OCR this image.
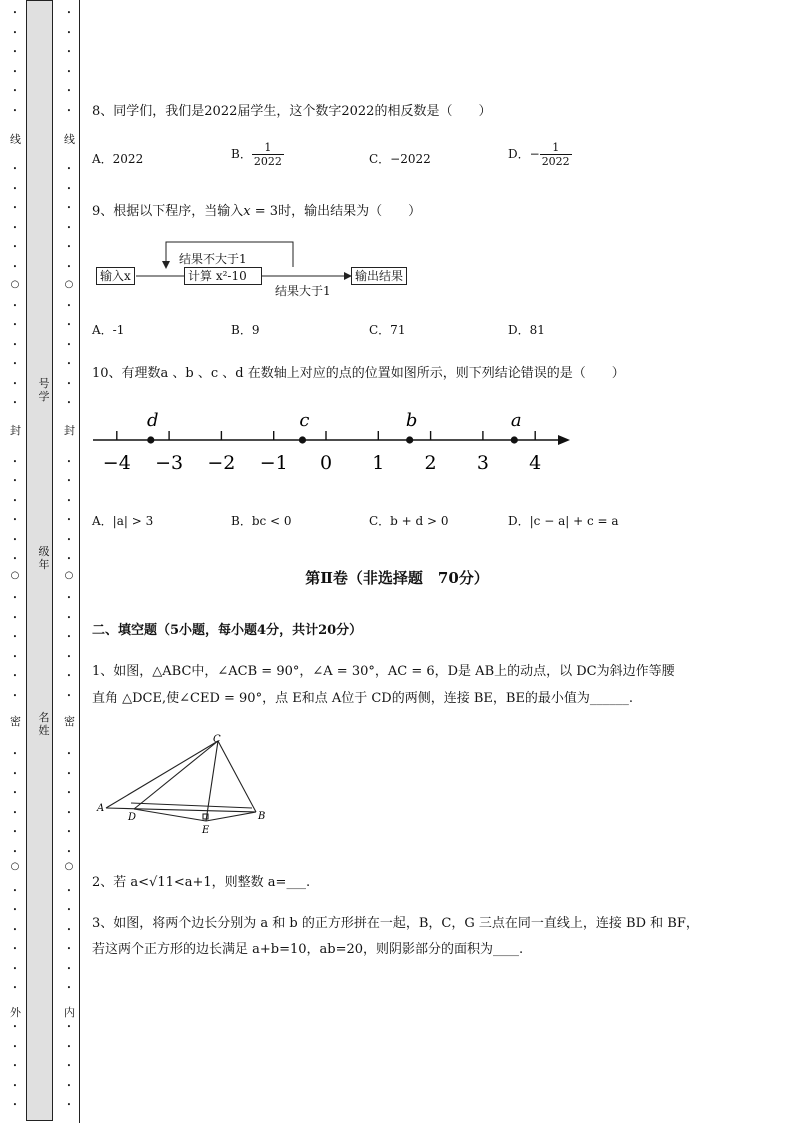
线
封
密
外
○
○
○
•
•
•
•
•
•
•
•
•
•
•
•
•
•
•
•
•
•
•
•
•
•
•
•
•
•
•
•
•
•
•
•
•
•
•
•
•
•
•
•
•
•
•
•
•
•
•
线
封
密
内
○
○
○
•
•
•
•
•
•
•
•
•
•
•
•
•
•
•
•
•
•
•
•
•
•
•
•
•
•
•
•
•
•
•
•
•
•
•
•
•
•
•
•
•
•
•
•
•
•
•
号学
级年
名姓
8、同学们，我们是2022届学生，这个数字2022的相反数是（　　）
A．2022	B． $\frac{1}{2022}$	C．−2022	D．− $\frac{1}{2022}$
9、根据以下程序，当输入x = 3时，输出结果为（　　）
输入x	计算 x²-10	输出结果
结果不大于1
结果大于1
A．-1	B．9	C．71	D．81
10、有理数a 、b 、c 、d 在数轴上对应的点的位置如图所示，则下列结论错误的是（　　）
−4 −3 −2 −1 0 1 2 3 4
d	c	b	a
A．|a| > 3	B．bc < 0	C．b + d > 0	D．|c − a| + c = a
第Ⅱ卷（非选择题　70分）
二、填空题（5小题，每小题4分，共计20分）
1、如图，△ABC中，∠ACB = 90°，∠A = 30°，AC = 6，D是 AB上的动点，以 DC为斜边作等腰
直角 △DCE,使∠CED = 90°，点 E和点 A位于 CD的两侧，连接 BE，BE的最小值为______.
C
A
D
E
B
2、若 a<√11<a+1，则整数 a=___.
3、如图，将两个边长分别为 a 和 b 的正方形拼在一起，B，C，G 三点在同一直线上，连接 BD 和 BF，
若这两个正方形的边长满足 a+b=10，ab=20，则阴影部分的面积为____.
